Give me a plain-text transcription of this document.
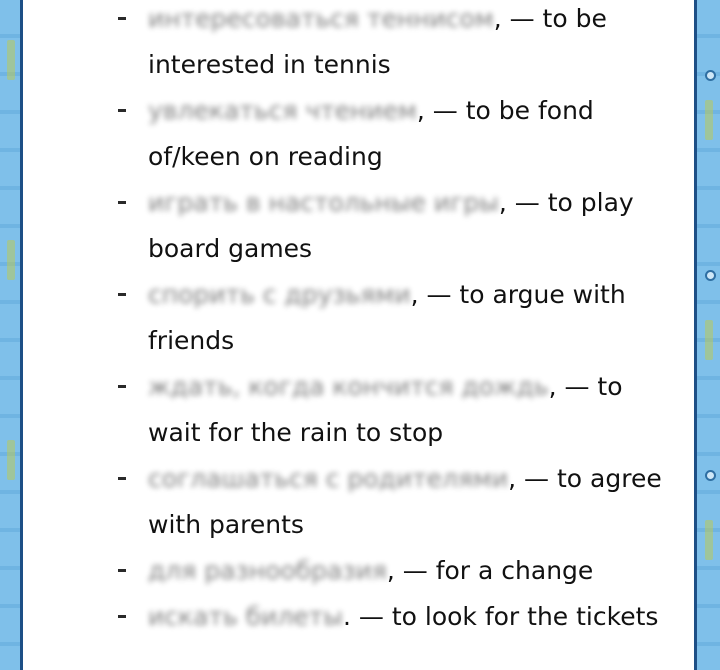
интересоваться теннисом, — to be interested in tennis
увлекаться чтением, — to be fond of/keen on reading
играть в настольные игры, — to play board games
спорить с друзьями, — to argue with friends
ждать, когда кончится дождь, — to wait for the rain to stop
соглашаться с родителями, — to agree with parents
для разнообразия, — for a change
искать билеты. — to look for the tickets
